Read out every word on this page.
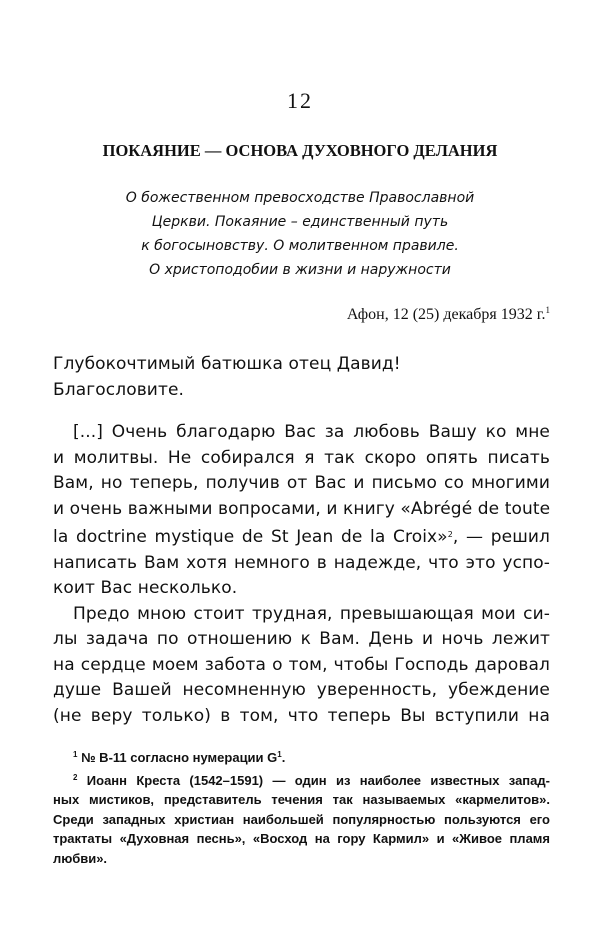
12
ПОКАЯНИЕ — ОСНОВА ДУХОВНОГО ДЕЛАНИЯ
О божественном превосходстве Православной
Церкви. Покаяние – единственный путь
к богосыновству. О молитвенном правиле.
О христоподобии в жизни и наружности
Афон, 12 (25) декабря 1932 г.$^1$
Глубокочтимый батюшка отец Давид!
Благословите.
[...] Очень благодарю Вас за любовь Вашу ко мне
и молитвы. Не собирался я так скоро опять писать
Вам, но теперь, получив от Вас и письмо со многими
и очень важными вопросами, и книгу «Abrégé de toute
la doctrine mystique de St Jean de la Croix»$^2$, — решил
написать Вам хотя немного в надежде, что это успо-
коит Вас несколько.
Предо мною стоит трудная, превышающая мои си-
лы задача по отношению к Вам. День и ночь лежит
на сердце моем забота о том, чтобы Господь даровал
душе Вашей несомненную уверенность, убеждение
(не веру только) в том, что теперь Вы вступили на
$^1$ № В-11 согласно нумерации G$^1$.
$^2$ Иоанн Креста (1542–1591) — один из наиболее известных запад-
ных мистиков, представитель течения так называемых «кармелитов».
Среди западных христиан наибольшей популярностью пользуются его
трактаты «Духовная песнь», «Восход на гору Кармил» и «Живое пламя
любви».
